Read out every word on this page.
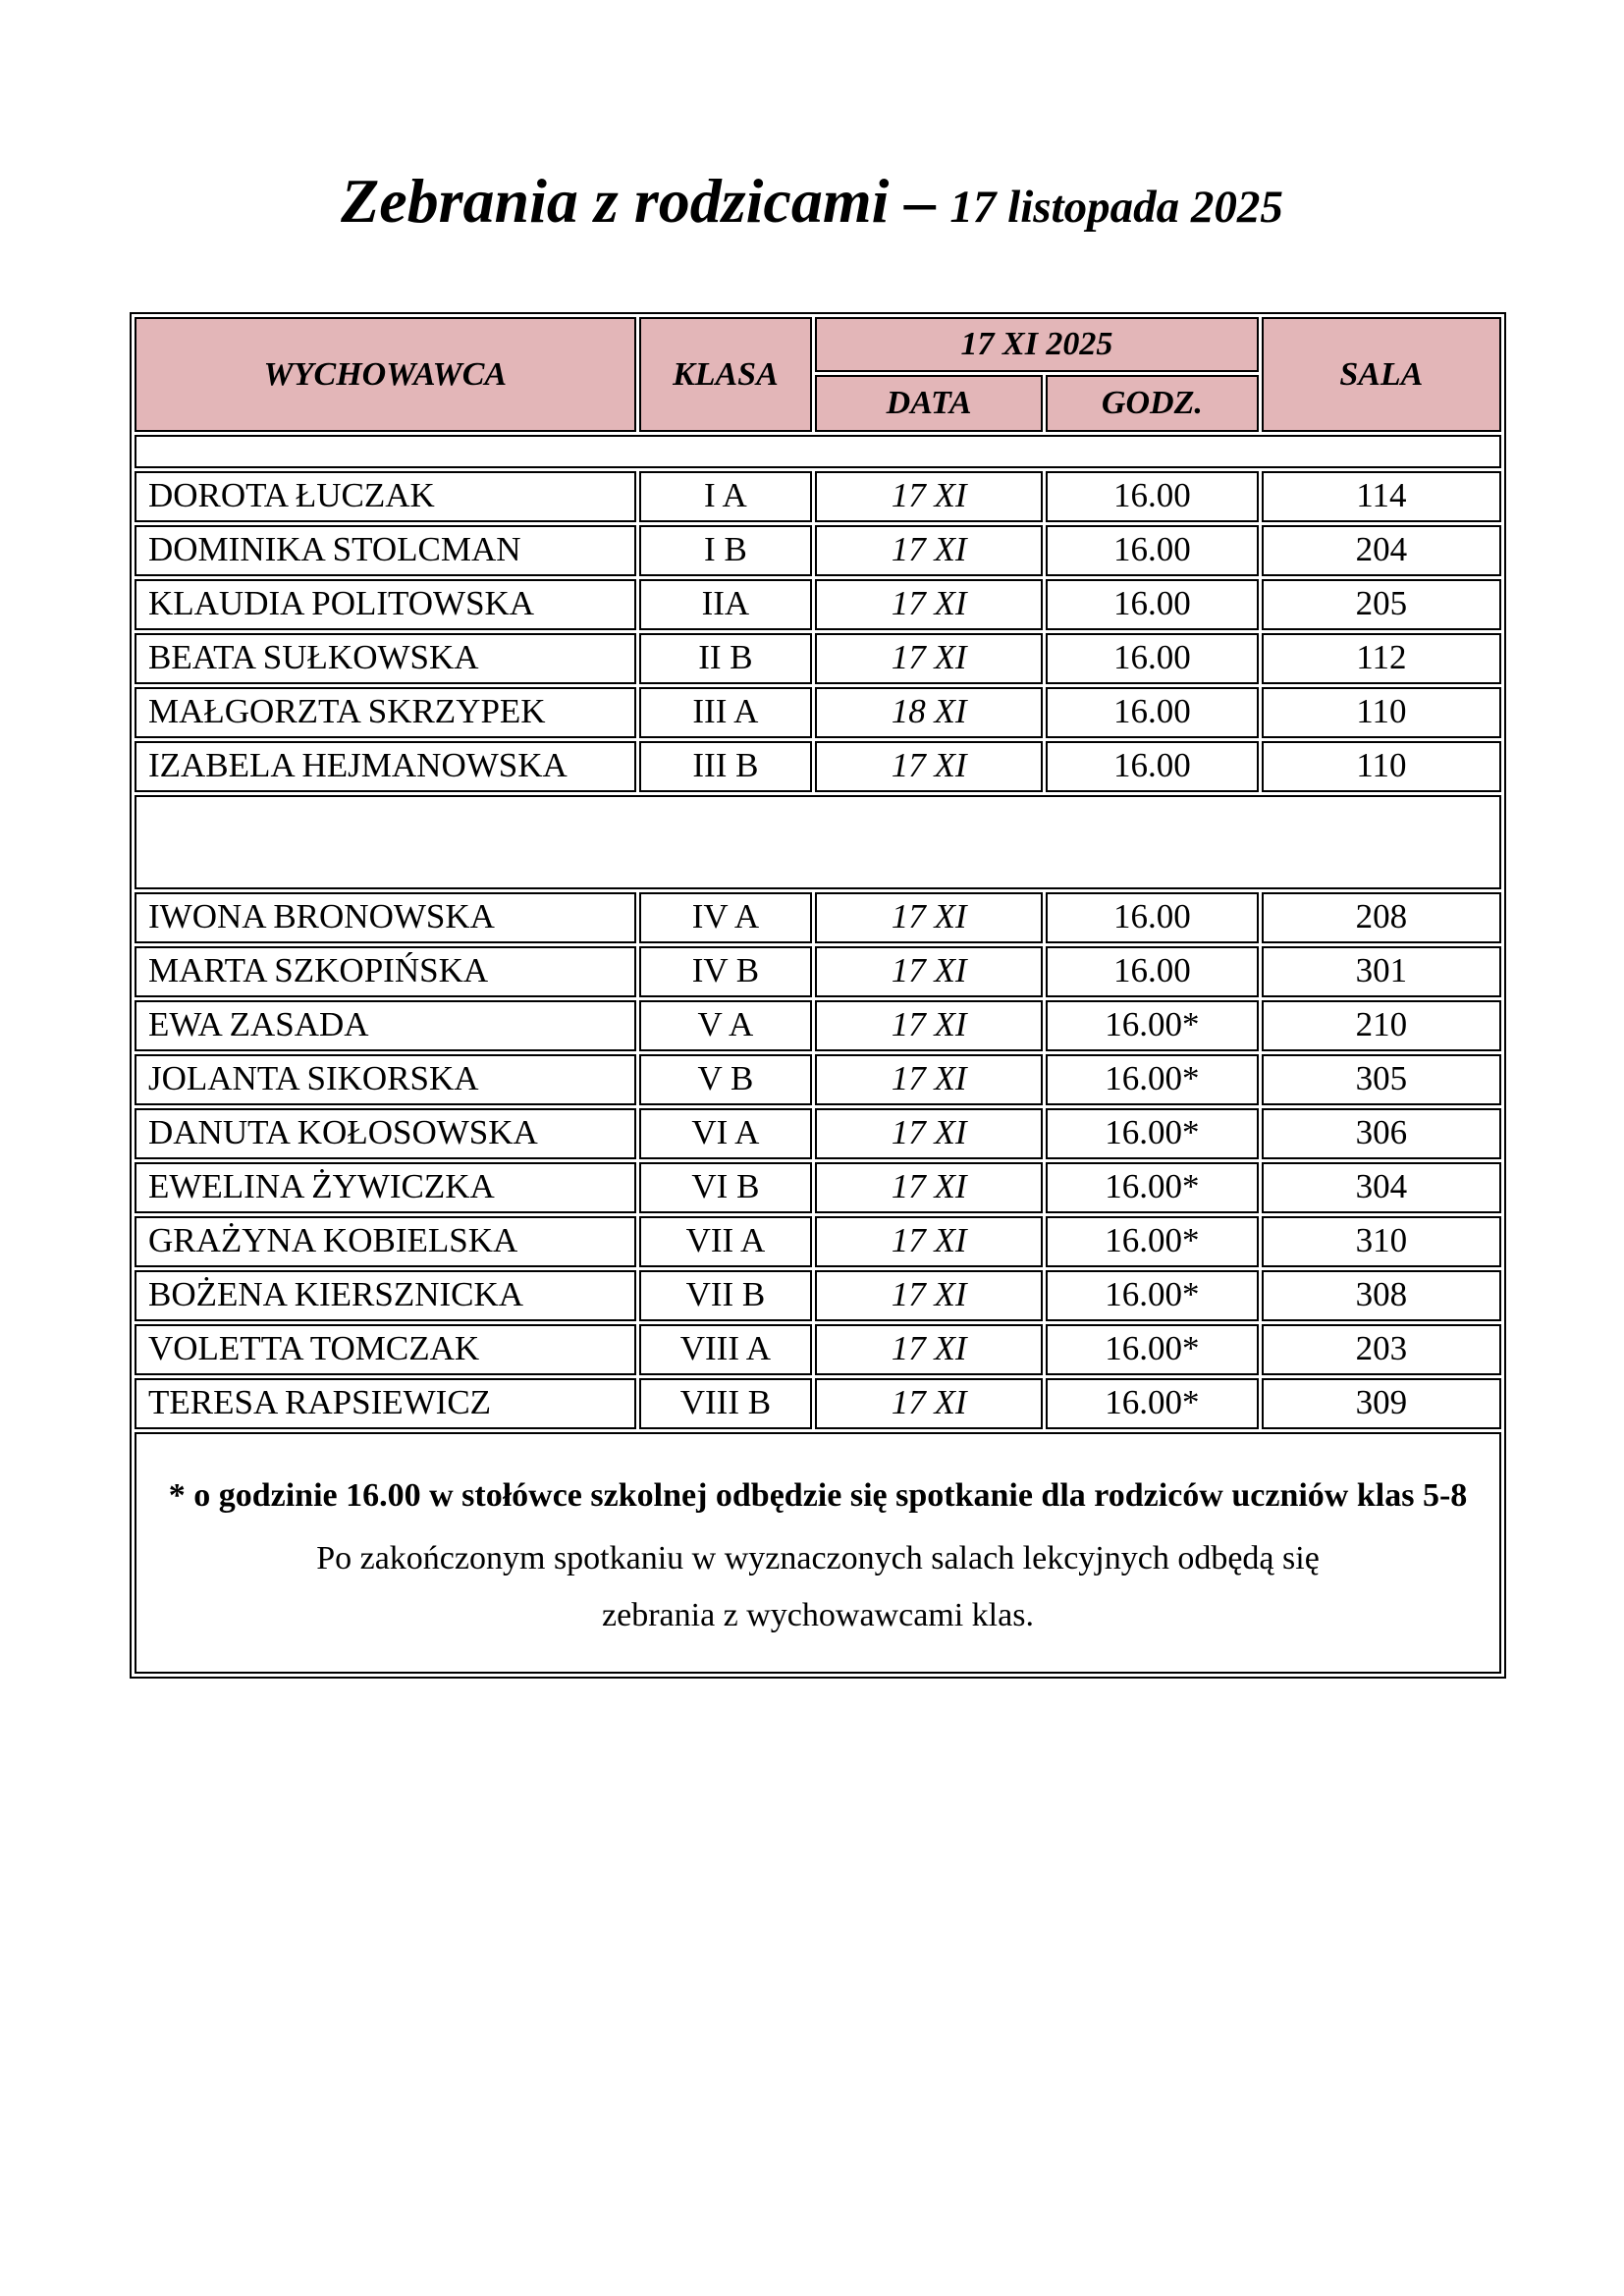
Zebrania z rodzicami – 17 listopada 2025
WYCHOWAWCA	KLASA	17 XI 2025		SALA
		DATA	GODZ.	

DOROTA ŁUCZAK	I A	17 XI	16.00	114
DOMINIKA STOLCMAN	I B	17 XI	16.00	204
KLAUDIA POLITOWSKA	IIA	17 XI	16.00	205
BEATA SUŁKOWSKA	II B	17 XI	16.00	112
MAŁGORZTA SKRZYPEK	III A	18 XI	16.00	110
IZABELA HEJMANOWSKA	III B	17 XI	16.00	110

IWONA BRONOWSKA	IV A	17 XI	16.00	208
MARTA SZKOPIŃSKA	IV B	17 XI	16.00	301
EWA ZASADA	V A	17 XI	16.00*	210
JOLANTA SIKORSKA	V B	17 XI	16.00*	305
DANUTA KOŁOSOWSKA	VI A	17 XI	16.00*	306
EWELINA ŻYWICZKA	VI B	17 XI	16.00*	304
GRAŻYNA KOBIELSKA	VII A	17 XI	16.00*	310
BOŻENA KIERSZNICKA	VII B	17 XI	16.00*	308
VOLETTA TOMCZAK	VIII A	17 XI	16.00*	203
TERESA RAPSIEWICZ	VIII B	17 XI	16.00*	309

* o godzinie 16.00 w stołówce szkolnej odbędzie się spotkanie dla rodziców uczniów klas 5-8

Po zakończonym spotkaniu w wyznaczonych salach lekcyjnych odbędą się

zebrania z wychowawcami klas.				
